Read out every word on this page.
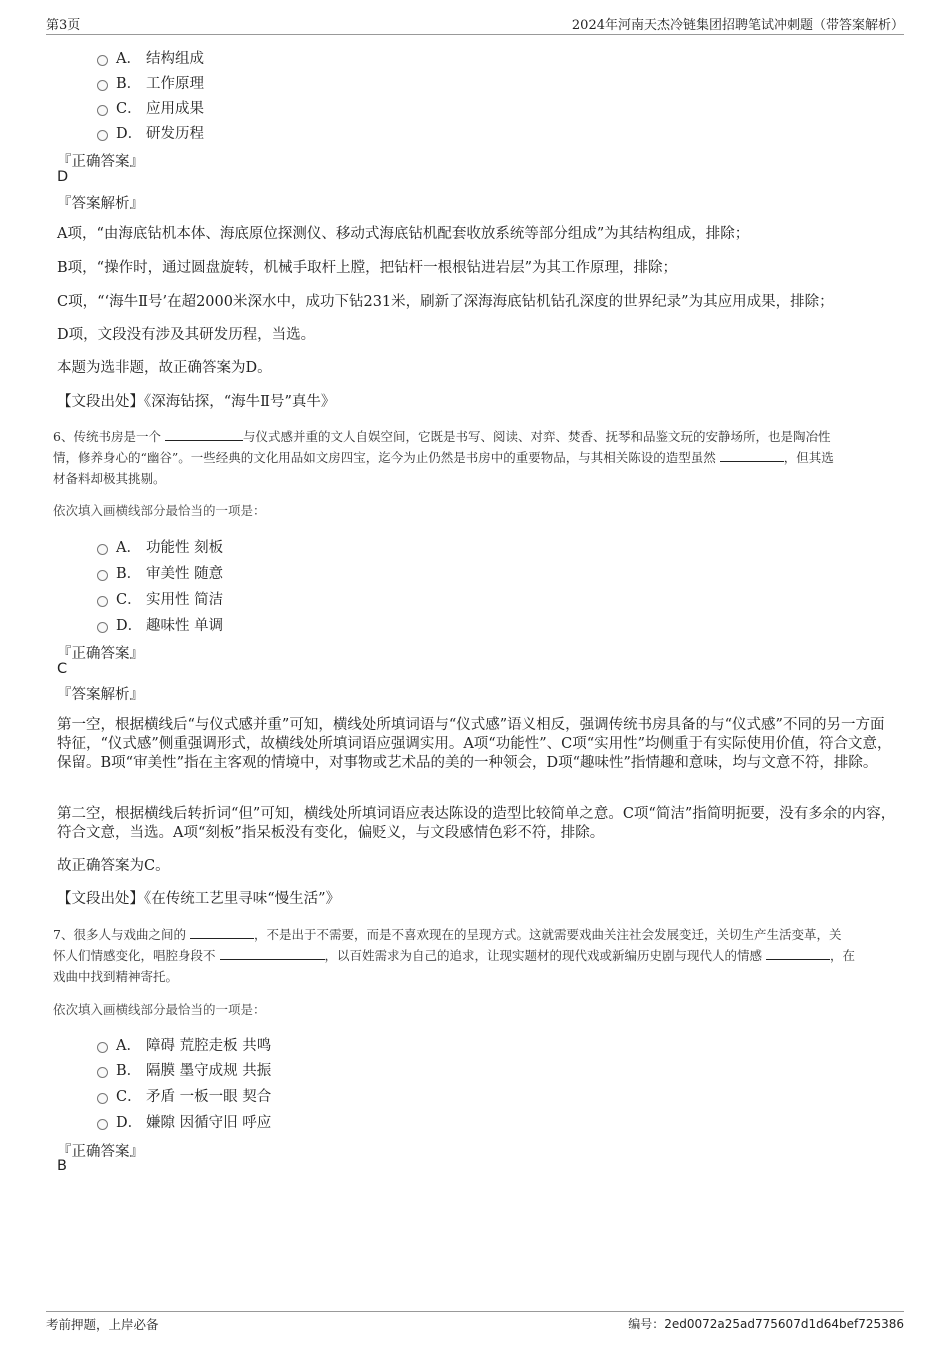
第3页	2024年河南天杰冷链集团招聘笔试冲刺题（带答案解析）
A． 结构组成
B． 工作原理
C． 应用成果
D． 研发历程
『正确答案』
D
『答案解析』
A项，“由海底钻机本体、海底原位探测仪、移动式海底钻机配套收放系统等部分组成”为其结构组成，排除；
B项，“操作时，通过圆盘旋转，机械手取杆上膛，把钻杆一根根钻进岩层”为其工作原理，排除；
C项，“‘海牛Ⅱ号’在超2000米深水中，成功下钻231米，刷新了深海海底钻机钻孔深度的世界纪录”为其应用成果，排除；
D项，文段没有涉及其研发历程，当选。
本题为选非题，故正确答案为D。
【文段出处】《深海钻探，“海牛Ⅱ号”真牛》
6、传统书房是一个	与仪式感并重的文人自娱空间，它既是书写、阅读、对弈、焚香、抚琴和品鉴文玩的安静场所，也是陶冶性
情，修养身心的“幽谷”。一些经典的文化用品如文房四宝，迄今为止仍然是书房中的重要物品，与其相关陈设的造型虽然	，但其选
材备料却极其挑剔。
依次填入画横线部分最恰当的一项是：
A． 功能性 刻板
B． 审美性 随意
C． 实用性 简洁
D． 趣味性 单调
『正确答案』
C
『答案解析』
第一空，根据横线后“与仪式感并重”可知，横线处所填词语与“仪式感”语义相反，强调传统书房具备的与“仪式感”不同的另一方面特征，“仪式感”侧重强调形式，故横线处所填词语应强调实用。A项“功能性”、C项“实用性”均侧重于有实际使用价值，符合文意，保留。B项“审美性”指在主客观的情境中，对事物或艺术品的美的一种领会，D项“趣味性”指情趣和意味，均与文意不符，排除。
第二空，根据横线后转折词“但”可知，横线处所填词语应表达陈设的造型比较简单之意。C项“简洁”指简明扼要，没有多余的内容，符合文意，当选。A项“刻板”指呆板没有变化，偏贬义，与文段感情色彩不符，排除。
故正确答案为C。
【文段出处】《在传统工艺里寻味“慢生活”》
7、很多人与戏曲之间的	，不是出于不需要，而是不喜欢现在的呈现方式。这就需要戏曲关注社会发展变迁，关切生产生活变革，关
怀人们情感变化，唱腔身段不	，以百姓需求为自己的追求，让现实题材的现代戏或新编历史剧与现代人的情感	，在
戏曲中找到精神寄托。
依次填入画横线部分最恰当的一项是：
A． 障碍 荒腔走板 共鸣
B． 隔膜 墨守成规 共振
C． 矛盾 一板一眼 契合
D． 嫌隙 因循守旧 呼应
『正确答案』
B
考前押题，上岸必备	编号：2ed0072a25ad775607d1d64bef725386
